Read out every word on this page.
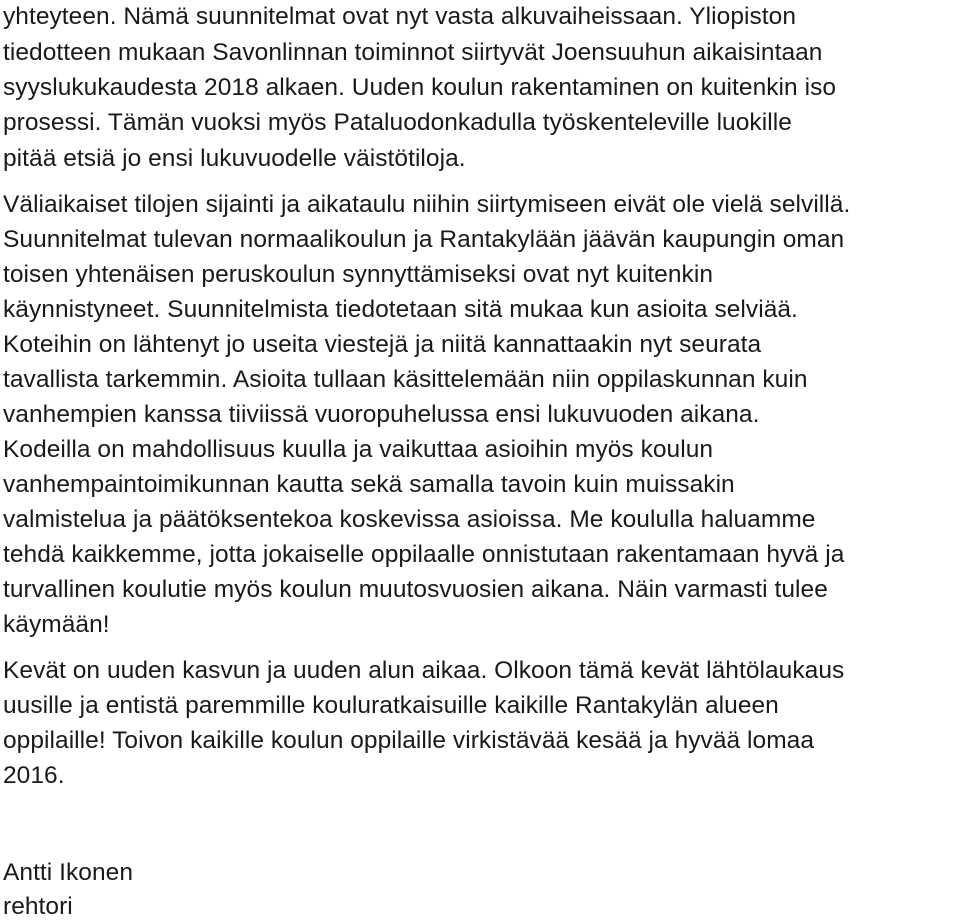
yhteyteen. Nämä suunnitelmat ovat nyt vasta alkuvaiheissaan. Yliopiston
tiedotteen mukaan Savonlinnan toiminnot siirtyvät Joensuuhun aikaisintaan
syyslukukaudesta 2018 alkaen. Uuden koulun rakentaminen on kuitenkin iso
prosessi. Tämän vuoksi myös Pataluodonkadulla työskenteleville luokille
pitää etsiä jo ensi lukuvuodelle väistötiloja.
Väliaikaiset tilojen sijainti ja aikataulu niihin siirtymiseen eivät ole vielä selvillä.
Suunnitelmat tulevan normaalikoulun ja Rantakylään jäävän kaupungin oman
toisen yhtenäisen peruskoulun synnyttämiseksi ovat nyt kuitenkin
käynnistyneet. Suunnitelmista tiedotetaan sitä mukaa kun asioita selviää.
Koteihin on lähtenyt jo useita viestejä ja niitä kannattaakin nyt seurata
tavallista tarkemmin. Asioita tullaan käsittelemään niin oppilaskunnan kuin
vanhempien kanssa tiiviissä vuoropuhelussa ensi lukuvuoden aikana.
Kodeilla on mahdollisuus kuulla ja vaikuttaa asioihin myös koulun
vanhempaintoimikunnan kautta sekä samalla tavoin kuin muissakin
valmistelua ja päätöksentekoa koskevissa asioissa. Me koululla haluamme
tehdä kaikkemme, jotta jokaiselle oppilaalle onnistutaan rakentamaan hyvä ja
turvallinen koulutie myös koulun muutosvuosien aikana. Näin varmasti tulee
käymään!
Kevät on uuden kasvun ja uuden alun aikaa. Olkoon tämä kevät lähtölaukaus
uusille ja entistä paremmille kouluratkaisuille kaikille Rantakylän alueen
oppilaille! Toivon kaikille koulun oppilaille virkistävää kesää ja hyvää lomaa
2016.
Antti Ikonen
rehtori
